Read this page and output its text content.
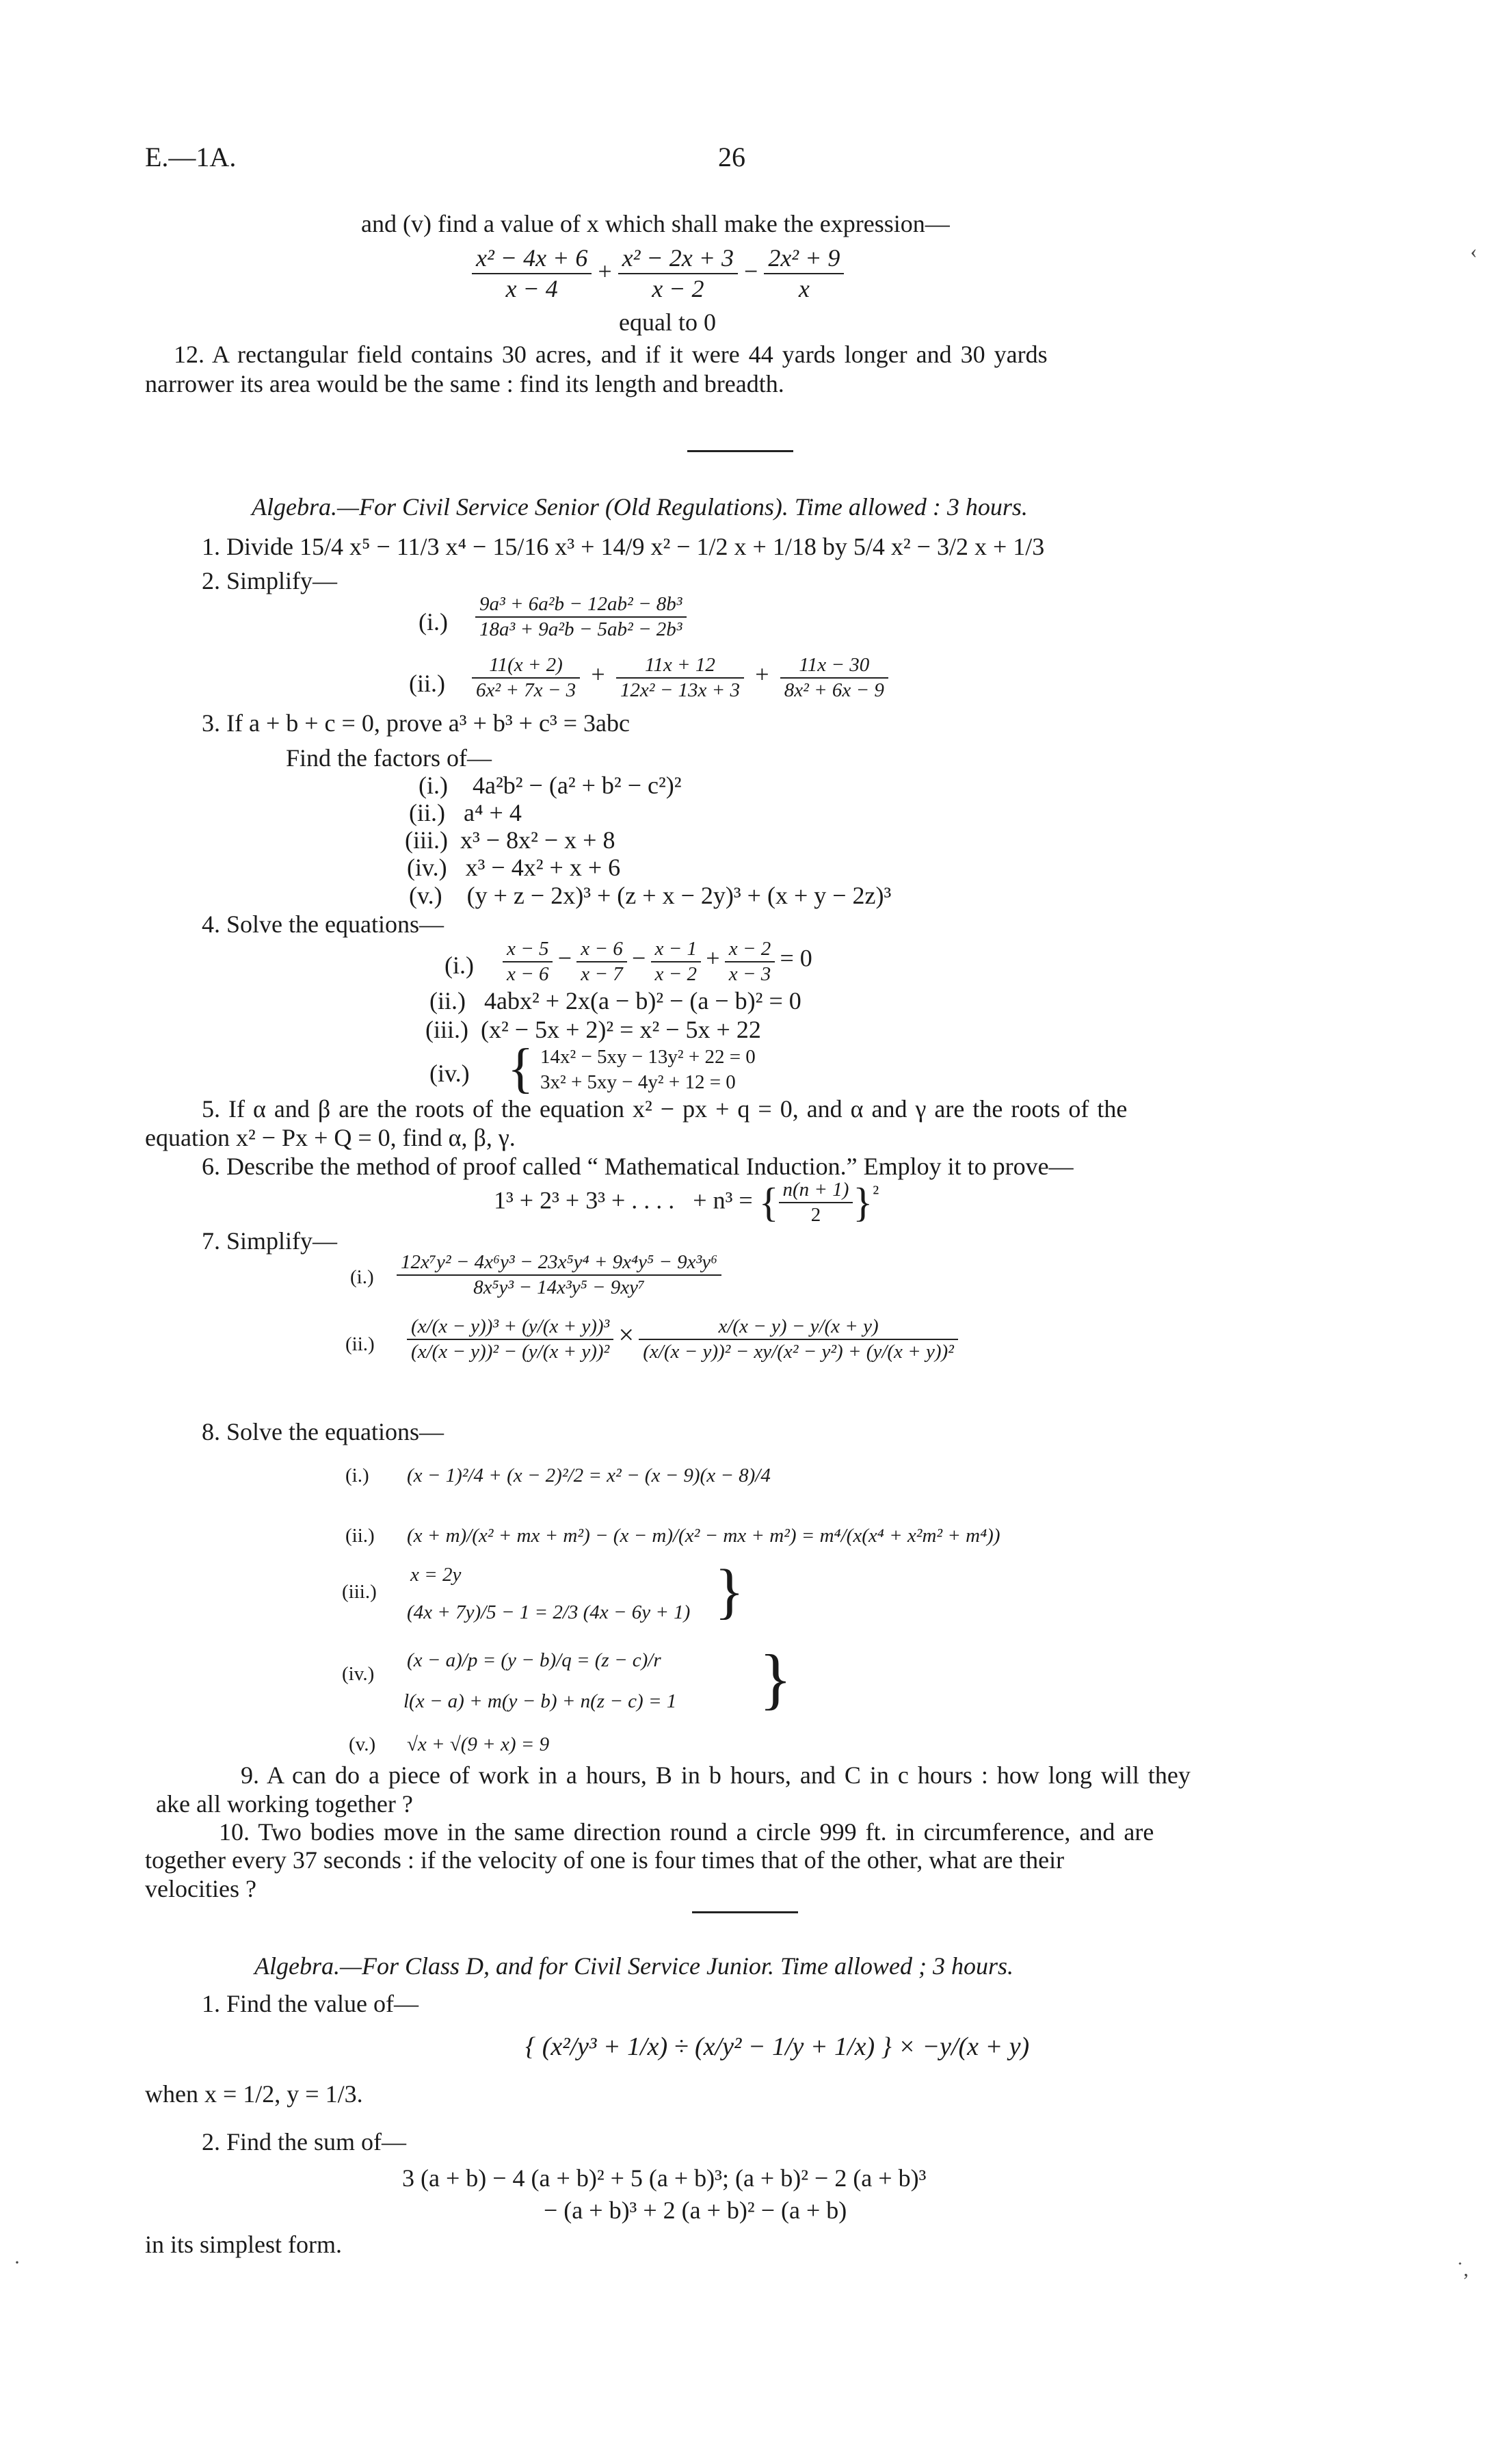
E.—1A.	26
and (v) find a value of x which shall make the expression—
$\frac{\text{x² − 4x + 6}}{x - 4} + \frac{\text{x² − 2x + 3}}{x - 2} - \frac{\text{2x² + 9}}{x}$
equal to 0
12. A rectangular field contains 30 acres, and if it were 44 yards longer and 30 yards
narrower its area would be the same : find its length and breadth.
Algebra.—For Civil Service Senior (Old Regulations). Time allowed : 3 hours.
1. Divide 15/4 x⁵ − 11/3 x⁴ − 15/16 x³ + 14/9 x² − 1/2 x + 1/18 by 5/4 x² − 3/2 x + 1/3
2. Simplify—
$(i.) \frac{\text{9a³ + 6a²b − 12ab² − 8b³}}{\text{18a³ + 9a²b − 5ab² − 2b³}}$
$(ii.) \frac{11(x + 2)}{\text{6x² + 7x − 3}} + \frac{11x + 12}{\text{12x² − 13x + 3}} + \frac{11x - 30}{\text{8x² + 6x − 9}}$
3. If a + b + c = 0, prove a³ + b³ + c³ = 3abc
Find the factors of—
(i.)    4a²b² − (a² + b² − c²)²
(ii.)   a⁴ + 4
(iii.)  x³ − 8x² − x + 8
(iv.)   x³ − 4x² + x + 6
(v.)    (y + z − 2x)³ + (z + x − 2y)³ + (x + y − 2z)³
4. Solve the equations—
$(i.) \frac{x - 5}{x - 6} - \frac{x - 6}{x - 7} - \frac{x - 1}{x - 2} + \frac{x - 2}{x - 3} = 0$
(ii.)   4abx² + 2x(a − b)² − (a − b)² = 0
(iii.)  (x² − 5x + 2)² = x² − 5x + 22
(iv.) { 14x² − 5xy − 13y² + 22 = 0
3x² + 5xy − 4y² + 12 = 0
5. If α and β are the roots of the equation x² − px + q = 0, and α and γ are the roots of the
equation x² − Px + Q = 0, find α, β, γ.
6. Describe the method of proof called “ Mathematical Induction.” Employ it to prove—
1³ + 2³ + 3³ + . . . .   + n³ = { $\frac{n(n + 1)}{2} \}^{^2}$
7. Simplify—
$(i.) \frac{\text{12x⁷y² − 4x⁶y³ − 23x⁵y⁴ + 9x⁴y⁵ − 9x³y⁶}}{\text{8x⁵y³ − 14x³y⁵ − 9xy⁷}}$
$(ii.) \frac{\text{(x/(x − y))³ + (y/(x + y))³}}{\text{(x/(x − y))² − (y/(x + y))²}} \times \frac{x/(x - y) - y/(x + y)}{\text{(x/(x − y))² − xy/(x² − y²) + (y/(x + y))²}}$
8. Solve the equations—
(i.) (x − 1)²/4 + (x − 2)²/2 = x² − (x − 9)(x − 8)/4
(ii.) (x + m)/(x² + mx + m²) − (x − m)/(x² − mx + m²) = m⁴/(x(x⁴ + x²m² + m⁴))
(iii.)
x = 2y
(4x + 7y)/5 − 1 = 2/3 (4x − 6y + 1) }
(iv.)
(x − a)/p = (y − b)/q = (z − c)/r
l(x − a) + m(y − b) + n(z − c) = 1 }
(v.) √x + √(9 + x) = 9
9. A can do a piece of work in a hours, B in b hours, and C in c hours : how long will they
ake all working together ?
10. Two bodies move in the same direction round a circle 999 ft. in circumference, and are
together every 37 seconds : if the velocity of one is four times that of the other, what are their
velocities ?
Algebra.—For Class D, and for Civil Service Junior. Time allowed ; 3 hours.
1. Find the value of—
{ (x²/y³ + 1/x) ÷ (x/y² − 1/y + 1/x) } × −y/(x + y)
when x = 1/2, y = 1/3.
2. Find the sum of—
3 (a + b) − 4 (a + b)² + 5 (a + b)³; (a + b)² − 2 (a + b)³
− (a + b)³ + 2 (a + b)² − (a + b)
in its simplest form.
‹
˙,
·
